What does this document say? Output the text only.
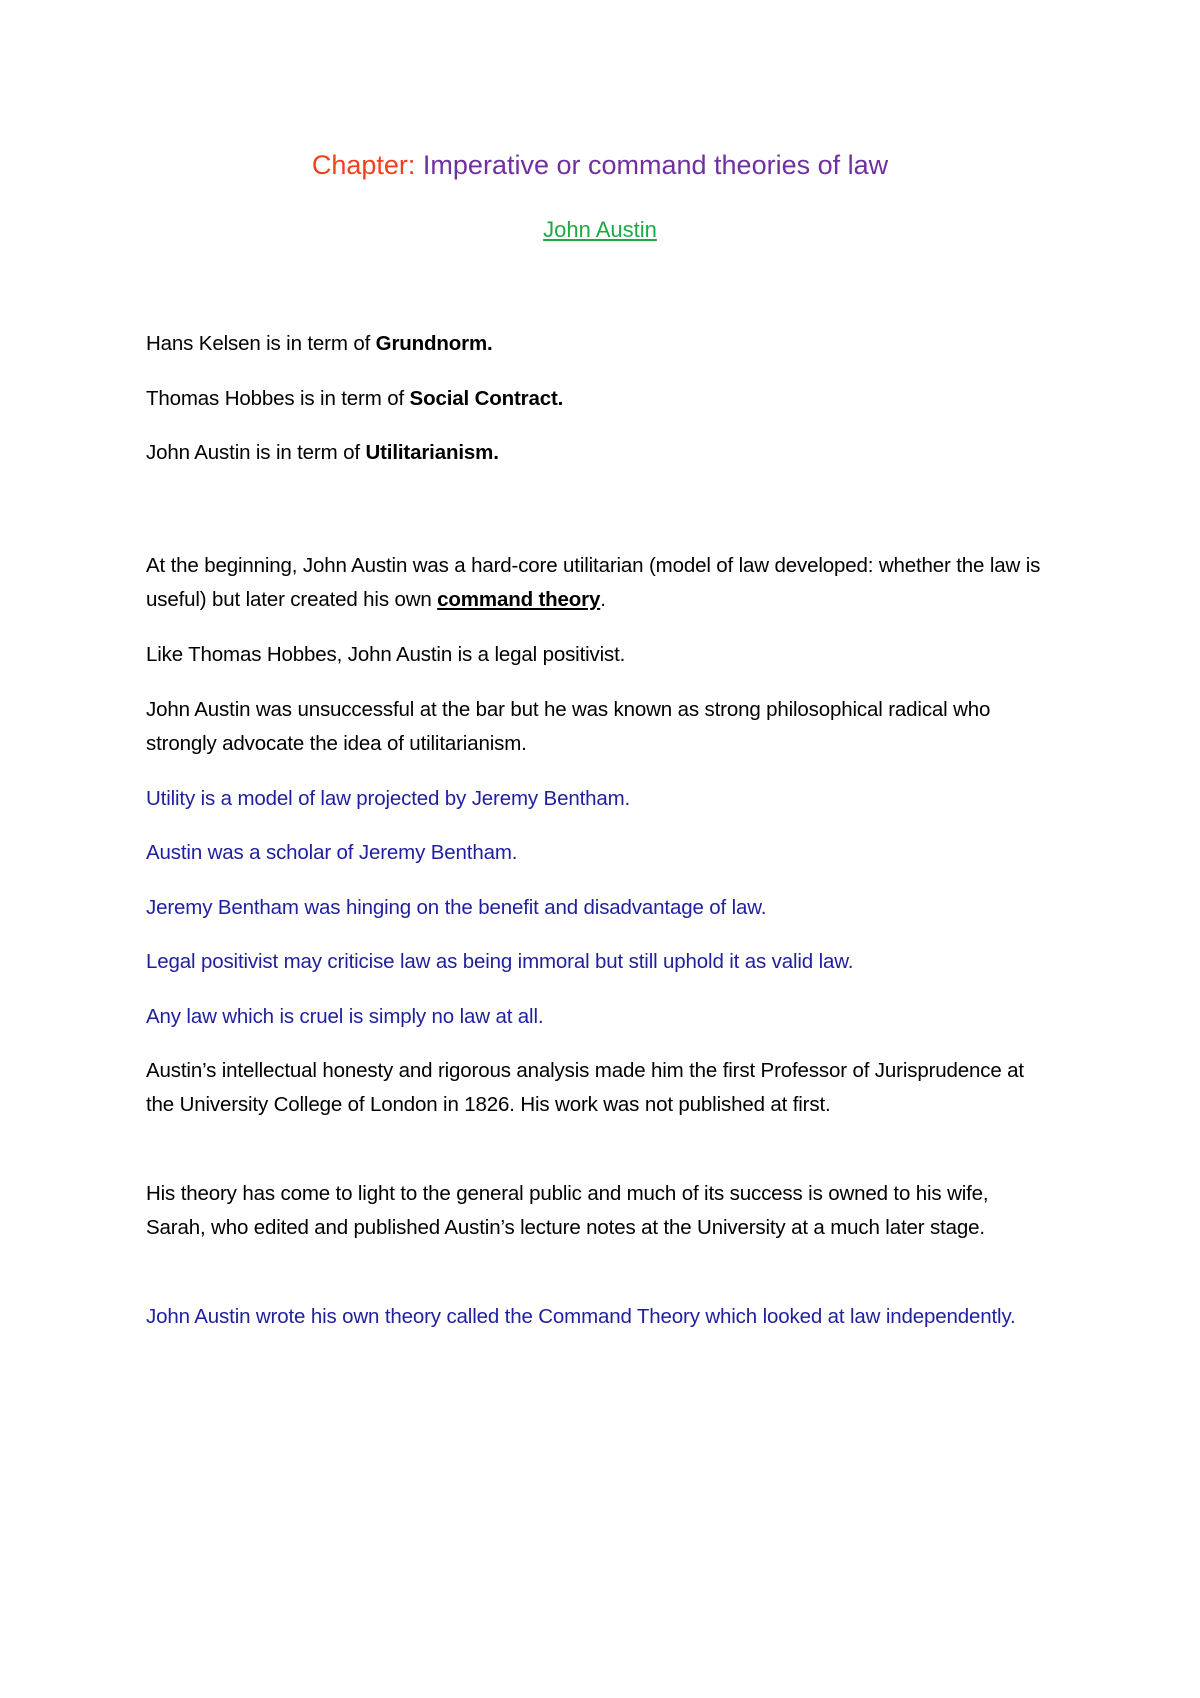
Chapter: Imperative or command theories of law
John Austin
Hans Kelsen is in term of Grundnorm.
Thomas Hobbes is in term of Social Contract.
John Austin is in term of Utilitarianism.
At the beginning, John Austin was a hard-core utilitarian (model of law developed: whether the law is useful) but later created his own command theory.
Like Thomas Hobbes, John Austin is a legal positivist.
John Austin was unsuccessful at the bar but he was known as strong philosophical radical who strongly advocate the idea of utilitarianism.
Utility is a model of law projected by Jeremy Bentham.
Austin was a scholar of Jeremy Bentham.
Jeremy Bentham was hinging on the benefit and disadvantage of law.
Legal positivist may criticise law as being immoral but still uphold it as valid law.
Any law which is cruel is simply no law at all.
Austin’s intellectual honesty and rigorous analysis made him the first Professor of Jurisprudence at the University College of London in 1826. His work was not published at first.
His theory has come to light to the general public and much of its success is owned to his wife, Sarah, who edited and published Austin’s lecture notes at the University at a much later stage.
John Austin wrote his own theory called the Command Theory which looked at law independently.
